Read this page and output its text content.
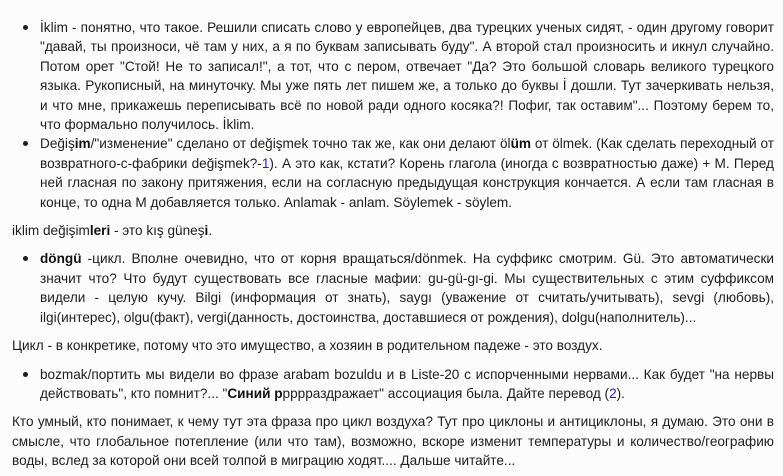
İklim - понятно, что такое. Решили списать слово у европейцев, два турецких ученых сидят, - один другому говорит "давай, ты произноси, чё там у них, а я по буквам записывать буду". А второй стал произносить и икнул случайно. Потом орет "Стой! Не то записал!", а тот, что с пером, отвечает "Да? Это большой словарь великого турецкого языка. Рукописный, на минуточку. Мы уже пять лет пишем же, а только до буквы İ дошли. Тут зачеркивать нельзя, и что мне, прикажешь переписывать всё по новой ради одного косяка?! Пофиг, так оставим"... Поэтому берем то, что формально получилось. İklim.
Değişim/"изменение" сделано от değişmek точно так же, как они делают ölüm от ölmek. (Как сделать переходный от возвратного-с-фабрики değişmek?-1). А это как, кстати? Корень глагола (иногда с возвратностью даже) + M. Перед ней гласная по закону притяжения, если на согласную предыдущая конструкция кончается. А если там гласная в конце, то одна M добавляется только. Anlamak - anlam. Söylemek - söylem.

iklim değişimleri - это kış güneşi.

döngü -цикл. Вполне очевидно, что от корня вращаться/dönmek. На суффикс смотрим. Gü. Это автоматически значит что? Что будут существовать все гласные мафии: gu-gü-gı-gi. Мы существительных с этим суффиксом видели - целую кучу. Bilgi (информация от знать), saygı (уважение от считать/учитывать), sevgi (любовь), ilgi(интерес), olgu(факт), vergi(данность, достоинства, доставшиеся от рождения), dolgu(наполнитель)...

Цикл - в конкретике, потому что это имущество, а хозяин в родительном падеже - это воздух.

bozmak/портить мы видели во фразе arabam bozuldu и в Liste-20 с испорченными нервами... Как будет "на нервы действовать", кто помнит?... "Синий ррррраздражает" ассоциация была. Дайте перевод (2).

Кто умный, кто понимает, к чему тут эта фраза про цикл воздуха? Тут про циклоны и антициклоны, я думаю. Это они в смысле, что глобальное потепление (или что там), возможно, вскоре изменит температуры и количество/географию воды, вслед за которой они всей толпой в миграцию ходят.... Дальше читайте...
